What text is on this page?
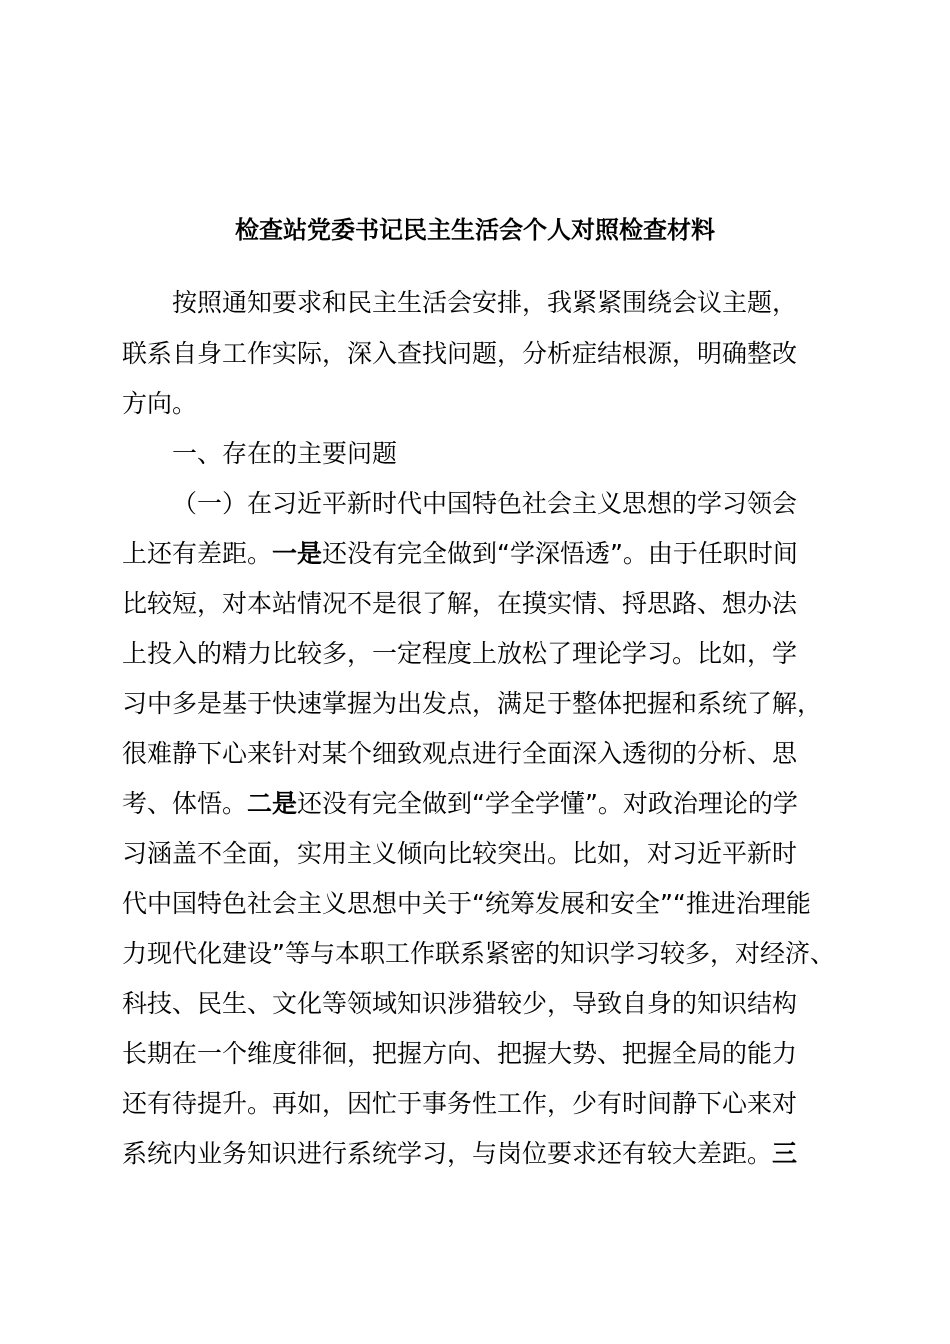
检查站党委书记民主生活会个人对照检查材料
按照通知要求和民主生活会安排，我紧紧围绕会议主题，
联系自身工作实际，深入查找问题，分析症结根源，明确整改
方向。
一、存在的主要问题
（一）在习近平新时代中国特色社会主义思想的学习领会
上还有差距。一是还没有完全做到“学深悟透”。由于任职时间
比较短，对本站情况不是很了解，在摸实情、捋思路、想办法
上投入的精力比较多，一定程度上放松了理论学习。比如，学
习中多是基于快速掌握为出发点，满足于整体把握和系统了解，
很难静下心来针对某个细致观点进行全面深入透彻的分析、思
考、体悟。二是还没有完全做到“学全学懂”。对政治理论的学
习涵盖不全面，实用主义倾向比较突出。比如，对习近平新时
代中国特色社会主义思想中关于“统筹发展和安全”“推进治理能
力现代化建设”等与本职工作联系紧密的知识学习较多，对经济、
科技、民生、文化等领域知识涉猎较少，导致自身的知识结构
长期在一个维度徘徊，把握方向、把握大势、把握全局的能力
还有待提升。再如，因忙于事务性工作，少有时间静下心来对
系统内业务知识进行系统学习，与岗位要求还有较大差距。三
